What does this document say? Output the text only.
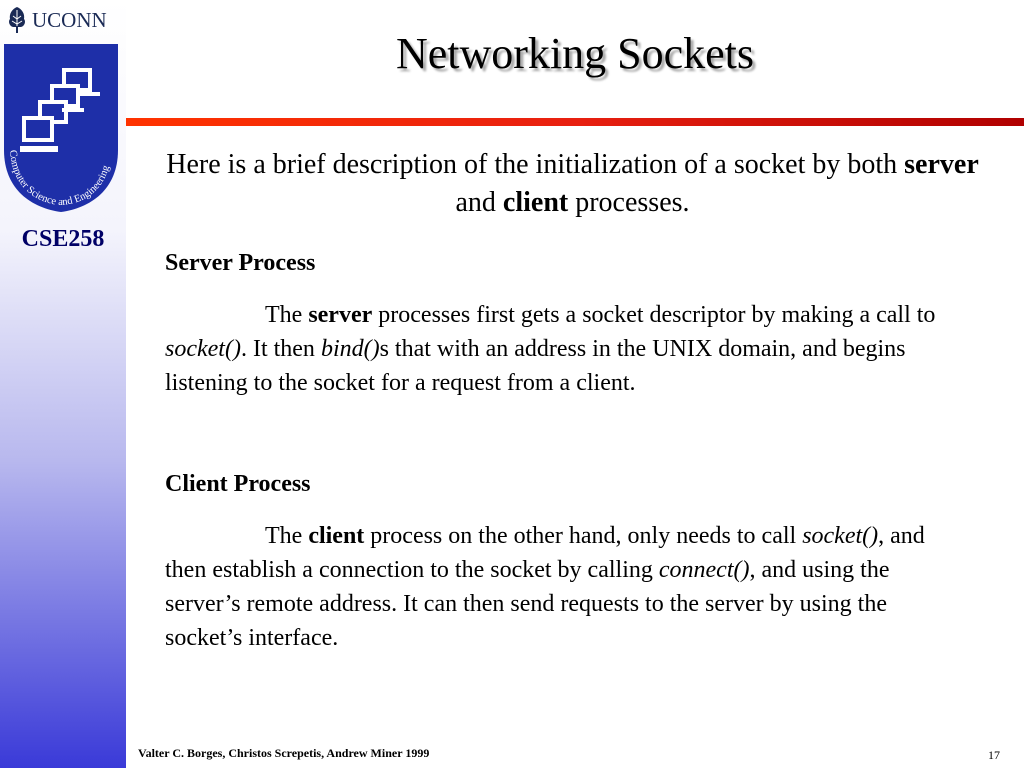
UCONN
Computer Science and Engineering
CSE258
Networking Sockets
Here is a brief description of the initialization of a socket by both server and client processes.
Server Process
The server processes first gets a socket descriptor by making a call to socket(). It then bind()s that with an address in the UNIX domain, and begins listening to the socket for a request from a client.
Client Process
The client process on the other hand, only needs to call socket(), and then establish a connection to the socket by calling connect(), and using the server’s remote address. It can then send requests to the server by using the socket’s interface.
Valter C. Borges, Christos Screpetis, Andrew Miner 1999	17
